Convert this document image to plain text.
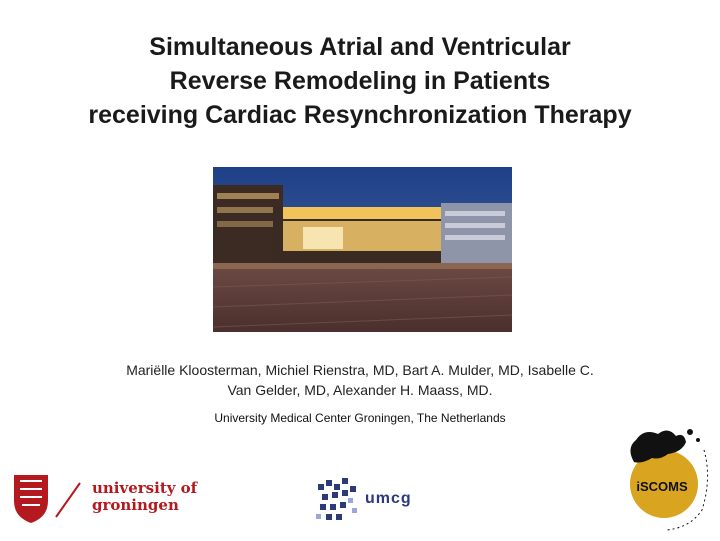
Simultaneous Atrial and Ventricular
Reverse Remodeling in Patients
receiving Cardiac Resynchronization Therapy
Mariëlle Kloosterman, Michiel Rienstra, MD, Bart A. Mulder, MD, Isabelle C.
Van Gelder, MD, Alexander H. Maass, MD.
University Medical Center Groningen, The Netherlands
university of
groningen	umcg
iSCOMS
